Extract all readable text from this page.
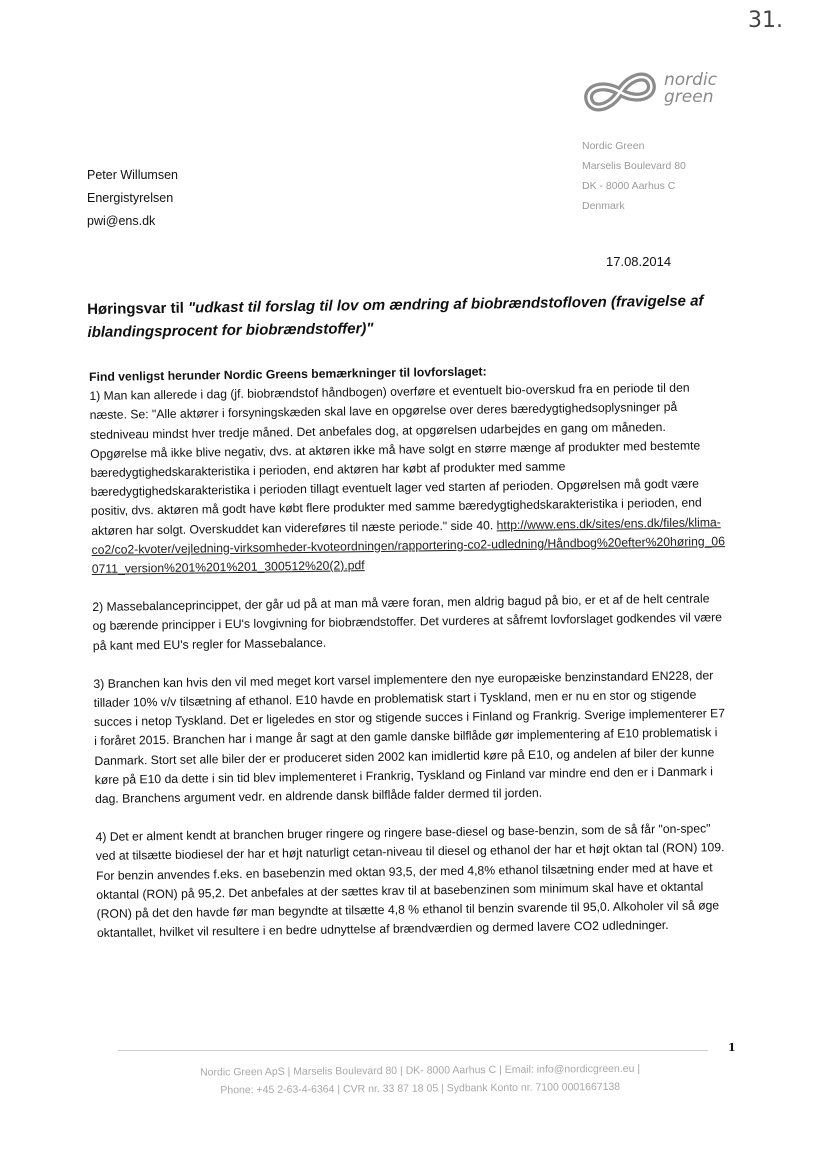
31.
nordic
green
Nordic Green
Marselis Boulevard 80
DK - 8000 Aarhus C
Denmark
Peter Willumsen
Energistyrelsen
pwi@ens.dk
17.08.2014
Høringsvar til "udkast til forslag til lov om ændring af biobrændstofloven (fravigelse af iblandingsprocent for biobrændstoffer)"

Find venligst herunder Nordic Greens bemærkninger til lovforslaget:

1) Man kan allerede i dag (jf. biobrændstof håndbogen) overføre et eventuelt bio-overskud fra en periode til den næste. Se: "Alle aktører i forsyningskæden skal lave en opgørelse over deres bæredygtighedsoplysninger på stedniveau mindst hver tredje måned. Det anbefales dog, at opgørelsen udarbejdes en gang om måneden. Opgørelse må ikke blive negativ, dvs. at aktøren ikke må have solgt en større mænge af produkter med bestemte bæredygtighedskarakteristika i perioden, end aktøren har købt af produkter med samme bæredygtighedskarakteristika i perioden tillagt eventuelt lager ved starten af perioden. Opgørelsen må godt være positiv, dvs. aktøren må godt have købt flere produkter med samme bæredygtighedskarakteristika i perioden, end aktøren har solgt. Overskuddet kan videreføres til næste periode." side 40. http://www.ens.dk/sites/ens.dk/files/klima-co2/co2-kvoter/vejledning-virksomheder-kvoteordningen/rapportering-co2-udledning/Håndbog%20efter%20høring_060711_version%201%201%201_300512%20(2).pdf

2) Massebalanceprincippet, der går ud på at man må være foran, men aldrig bagud på bio, er et af de helt centrale og bærende principper i EU's lovgivning for biobrændstoffer. Det vurderes at såfremt lovforslaget godkendes vil være på kant med EU's regler for Massebalance.

3) Branchen kan hvis den vil med meget kort varsel implementere den nye europæiske benzinstandard EN228, der tillader 10% v/v tilsætning af ethanol. E10 havde en problematisk start i Tyskland, men er nu en stor og stigende succes i netop Tyskland. Det er ligeledes en stor og stigende succes i Finland og Frankrig. Sverige implementerer E7 i foråret 2015. Branchen har i mange år sagt at den gamle danske bilflåde gør implementering af E10 problematisk i Danmark. Stort set alle biler der er produceret siden 2002 kan imidlertid køre på E10, og andelen af biler der kunne køre på E10 da dette i sin tid blev implementeret i Frankrig, Tyskland og Finland var mindre end den er i Danmark i dag. Branchens argument vedr. en aldrende dansk bilflåde falder dermed til jorden.

4) Det er alment kendt at branchen bruger ringere og ringere base-diesel og base-benzin, som de så får "on-spec" ved at tilsætte biodiesel der har et højt naturligt cetan-niveau til diesel og ethanol der har et højt oktan tal (RON) 109. For benzin anvendes f.eks. en basebenzin med oktan 93,5, der med 4,8% ethanol tilsætning ender med at have et oktantal (RON) på 95,2. Det anbefales at der sættes krav til at basebenzinen som minimum skal have et oktantal (RON) på det den havde før man begyndte at tilsætte 4,8 % ethanol til benzin svarende til 95,0. Alkoholer vil så øge oktantallet, hvilket vil resultere i en bedre udnyttelse af brændværdien og dermed lavere CO2 udledninger.

1
Nordic Green ApS | Marselis Boulevard 80 | DK- 8000 Aarhus C | Email: info@nordicgreen.eu |
Phone: +45 2-63-4-6364 | CVR nr. 33 87 18 05 | Sydbank Konto nr. 7100 0001667138
